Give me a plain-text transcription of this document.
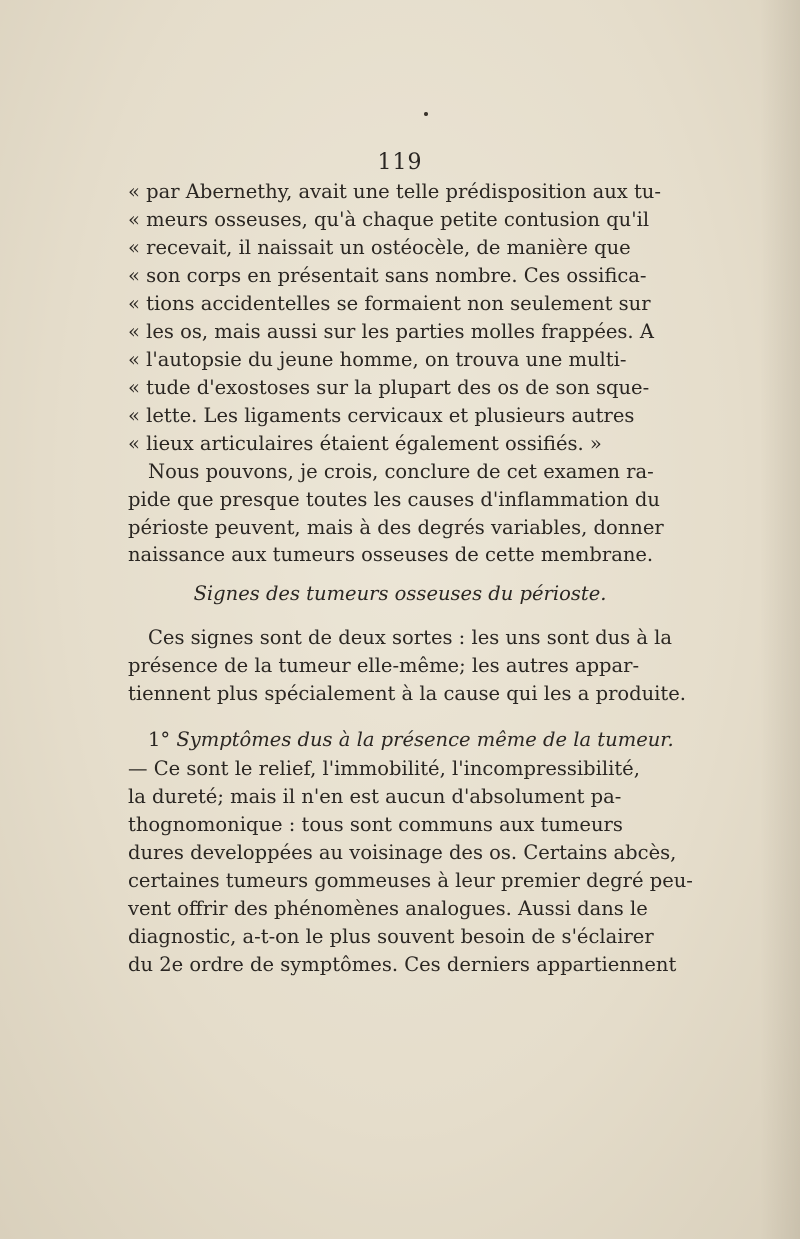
119
« par Abernethy, avait une telle prédisposition aux tu-
« meurs osseuses, qu'à chaque petite contusion qu'il
« recevait, il naissait un ostéocèle, de manière que
« son corps en présentait sans nombre. Ces ossifica-
« tions accidentelles se formaient non seulement sur
« les os, mais aussi sur les parties molles frappées. A
« l'autopsie du jeune homme, on trouva une multi-
« tude d'exostoses sur la plupart des os de son sque-
« lette. Les ligaments cervicaux et plusieurs autres
« lieux articulaires étaient également ossifiés. »
Nous pouvons, je crois, conclure de cet examen ra-
pide que presque toutes les causes d'inflammation du
périoste peuvent, mais à des degrés variables, donner
naissance aux tumeurs osseuses de cette membrane.
Signes des tumeurs osseuses du périoste.
Ces signes sont de deux sortes : les uns sont dus à la
présence de la tumeur elle-même; les autres appar-
tiennent plus spécialement à la cause qui les a produite.
1° Symptômes dus à la présence même de la tumeur.
— Ce sont le relief, l'immobilité, l'incompressibilité,
la dureté; mais il n'en est aucun d'absolument pa-
thognomonique : tous sont communs aux tumeurs
dures developpées au voisinage des os. Certains abcès,
certaines tumeurs gommeuses à leur premier degré peu-
vent offrir des phénomènes analogues. Aussi dans le
diagnostic, a-t-on le plus souvent besoin de s'éclairer
du 2e ordre de symptômes. Ces derniers appartiennent
